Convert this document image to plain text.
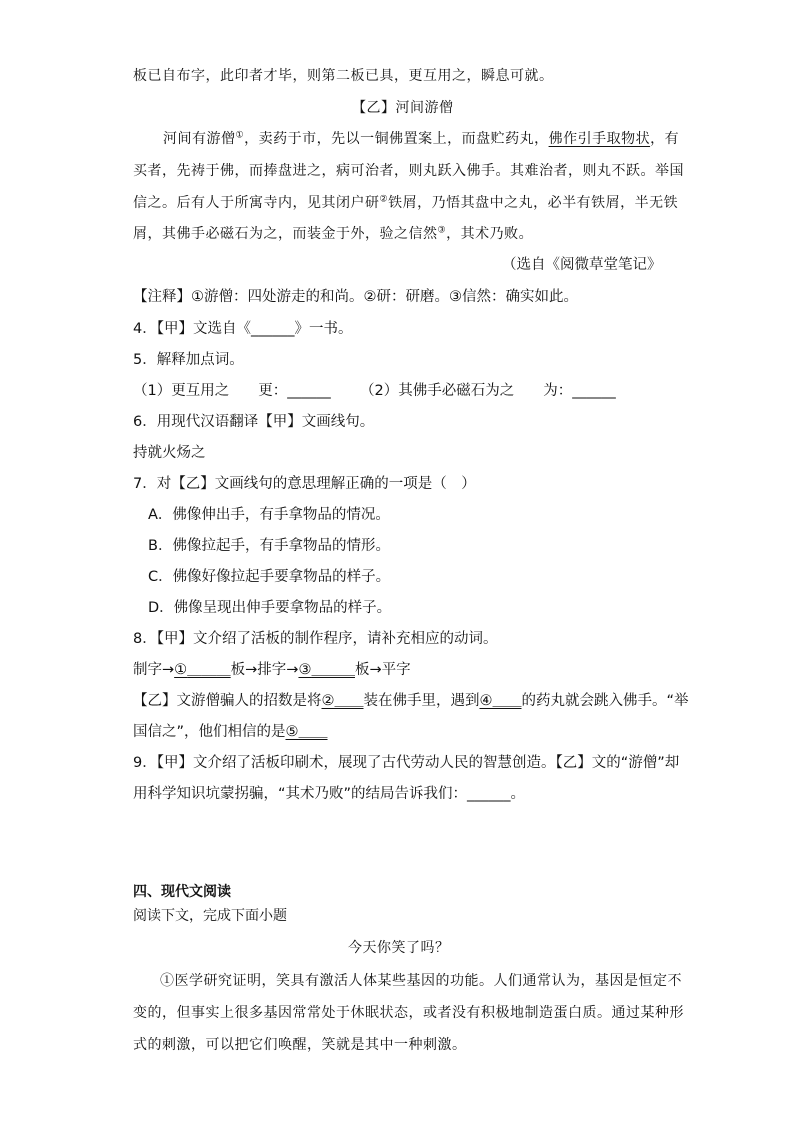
板已自布字，此印者才毕，则第二板已具，更互用之，瞬息可就。
【乙】河间游僧
河间有游僧①，卖药于市，先以一铜佛置案上，而盘贮药丸，佛作引手取物状，有
买者，先祷于佛，而捧盘进之，病可治者，则丸跃入佛手。其难治者，则丸不跃。举国
信之。后有人于所寓寺内，见其闭户研②铁屑，乃悟其盘中之丸，必半有铁屑，半无铁
屑，其佛手必磁石为之，而装金于外，验之信然③，其术乃败。
（选自《阅微草堂笔记》
【注释】①游僧：四处游走的和尚。②研：研磨。③信然：确实如此。
4．【甲】文选自《______》一书。
5．解释加点词。
（1）更互用之　　更：______ （2）其佛手必磁石为之　　为：______
6．用现代汉语翻译【甲】文画线句。
持就火炀之
7．对【乙】文画线句的意思理解正确的一项是（　）
A．佛像伸出手，有手拿物品的情况。
B．佛像拉起手，有手拿物品的情形。
C．佛像好像拉起手要拿物品的样子。
D．佛像呈现出伸手要拿物品的样子。
8．【甲】文介绍了活板的制作程序，请补充相应的动词。
制字→①＿＿＿板→排字→③＿＿＿板→平字
【乙】文游僧骗人的招数是将②＿＿装在佛手里，遇到④＿＿的药丸就会跳入佛手。“举
国信之”，他们相信的是⑤＿＿
9．【甲】文介绍了活板印刷术，展现了古代劳动人民的智慧创造。【乙】文的“游僧”却
用科学知识坑蒙拐骗，“其术乃败”的结局告诉我们：______。
四、现代文阅读
阅读下文，完成下面小题
今天你笑了吗？
①医学研究证明，笑具有激活人体某些基因的功能。人们通常认为，基因是恒定不
变的，但事实上很多基因常常处于休眠状态，或者没有积极地制造蛋白质。通过某种形
式的刺激，可以把它们唤醒，笑就是其中一种刺激。
